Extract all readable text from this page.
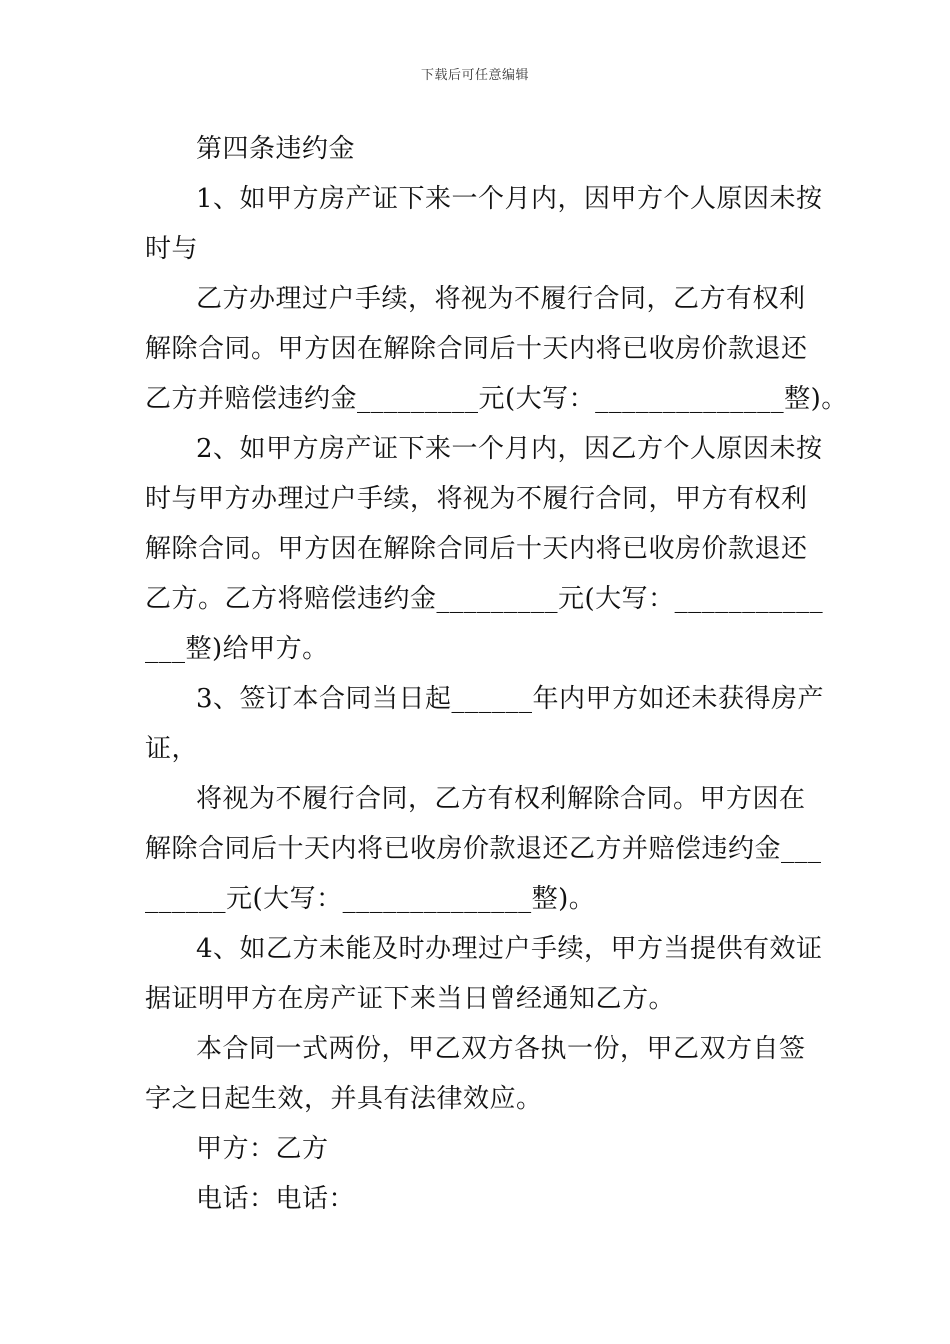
下载后可任意编辑
第四条违约金
1、如甲方房产证下来一个月内，因甲方个人原因未按
时与
乙方办理过户手续，将视为不履行合同，乙方有权利
解除合同。甲方因在解除合同后十天内将已收房价款退还
乙方并赔偿违约金_________元(大写：______________整)。
2、如甲方房产证下来一个月内，因乙方个人原因未按
时与甲方办理过户手续，将视为不履行合同，甲方有权利
解除合同。甲方因在解除合同后十天内将已收房价款退还
乙方。乙方将赔偿违约金_________元(大写：___________
___整)给甲方。
3、签订本合同当日起______年内甲方如还未获得房产
证，
将视为不履行合同，乙方有权利解除合同。甲方因在
解除合同后十天内将已收房价款退还乙方并赔偿违约金___
______元(大写：______________整)。
4、如乙方未能及时办理过户手续，甲方当提供有效证
据证明甲方在房产证下来当日曾经通知乙方。
本合同一式两份，甲乙双方各执一份，甲乙双方自签
字之日起生效，并具有法律效应。
甲方：乙方
电话：电话：
